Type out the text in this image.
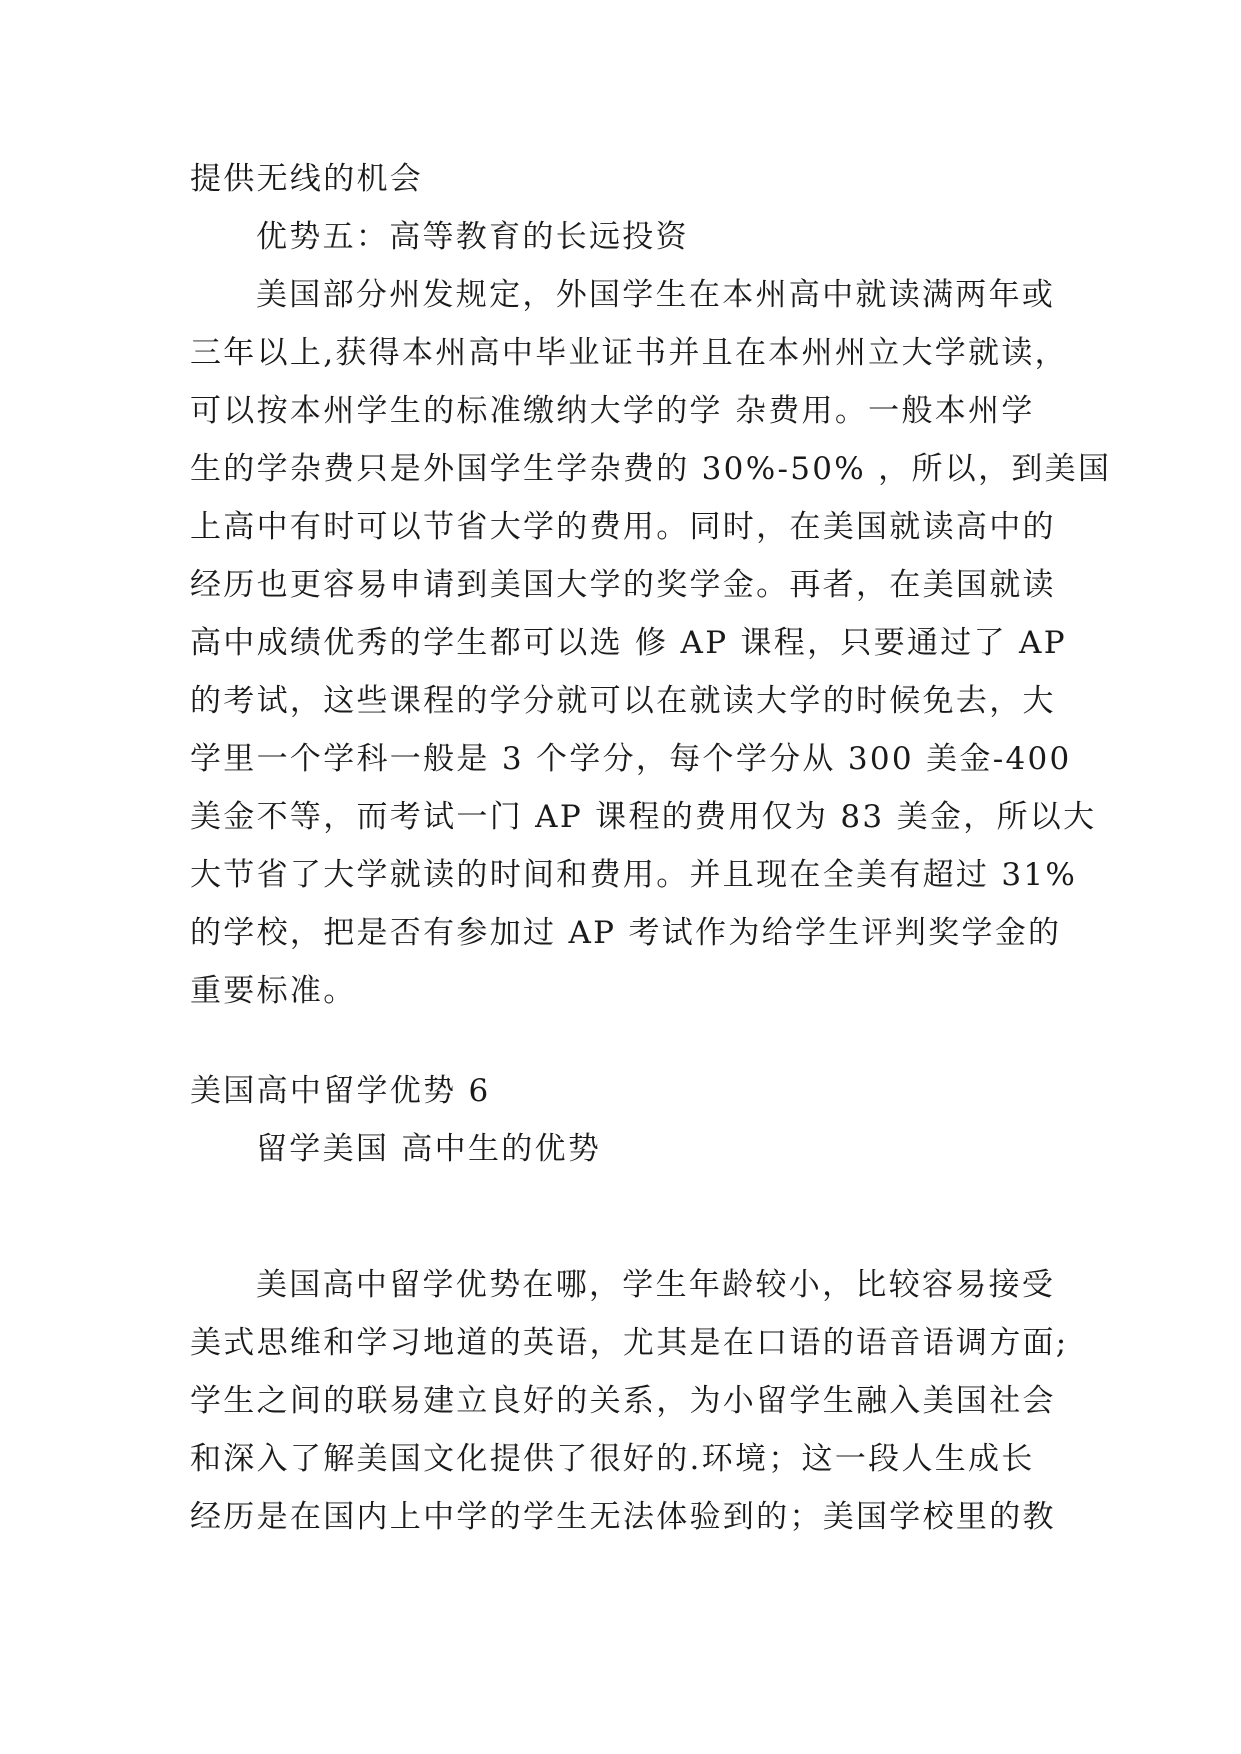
提供无线的机会
优势五：高等教育的长远投资
美国部分州发规定，外国学生在本州高中就读满两年或
三年以上,获得本州高中毕业证书并且在本州州立大学就读，
可以按本州学生的标准缴纳大学的学 杂费用。一般本州学
生的学杂费只是外国学生学杂费的 30%-50% ，所以，到美国
上高中有时可以节省大学的费用。同时，在美国就读高中的
经历也更容易申请到美国大学的奖学金。再者，在美国就读
高中成绩优秀的学生都可以选 修 AP 课程，只要通过了 AP
的考试，这些课程的学分就可以在就读大学的时候免去，大
学里一个学科一般是 3 个学分，每个学分从 300 美金-400
美金不等，而考试一门 AP 课程的费用仅为 83 美金，所以大
大节省了大学就读的时间和费用。并且现在全美有超过 31%
的学校，把是否有参加过 AP 考试作为给学生评判奖学金的
重要标准。
美国高中留学优势 6
留学美国 高中生的优势
美国高中留学优势在哪，学生年龄较小，比较容易接受
美式思维和学习地道的英语，尤其是在口语的语音语调方面;
学生之间的联易建立良好的关系，为小留学生融入美国社会
和深入了解美国文化提供了很好的.环境；这一段人生成长
经历是在国内上中学的学生无法体验到的；美国学校里的教
